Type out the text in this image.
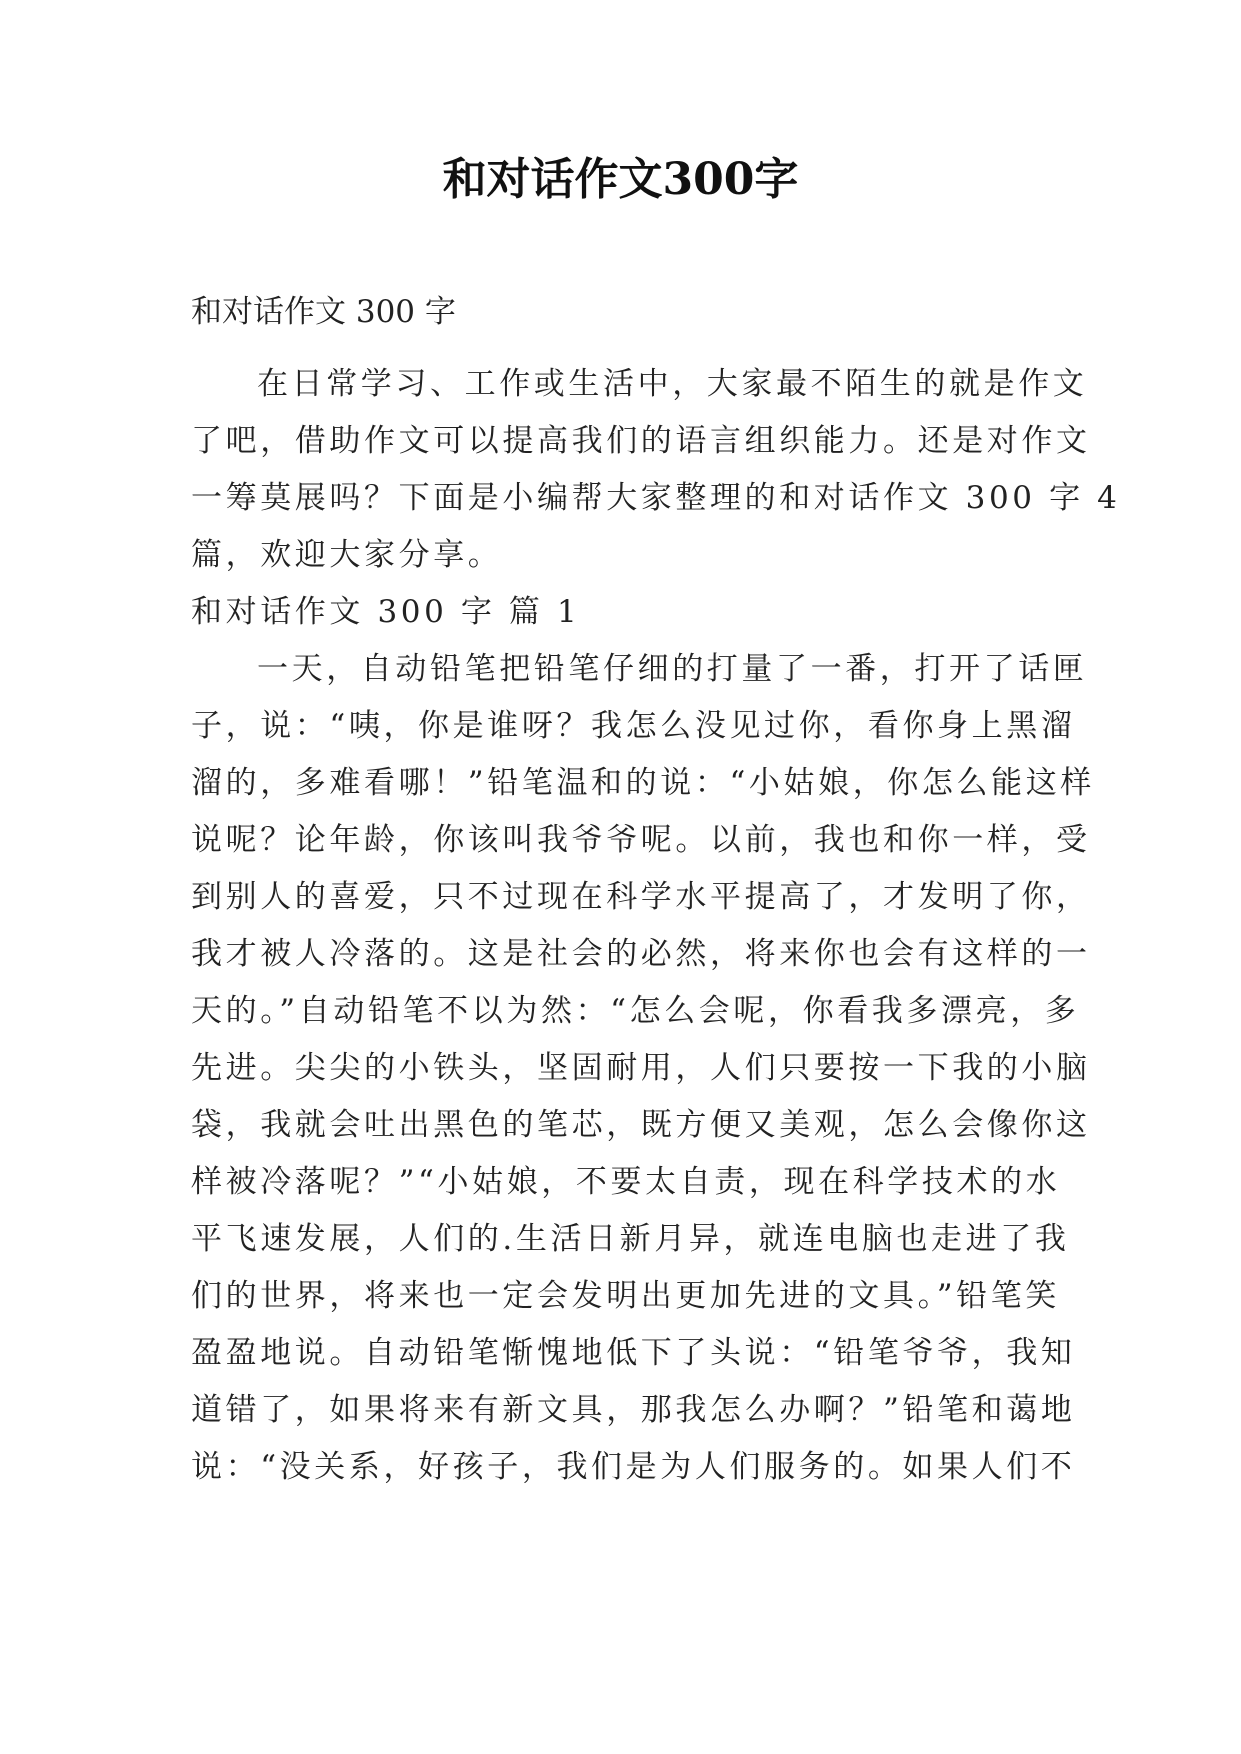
和对话作文300字

和对话作文 300 字

在日常学习、工作或生活中，大家最不陌生的就是作文
了吧，借助作文可以提高我们的语言组织能力。还是对作文
一筹莫展吗？下面是小编帮大家整理的和对话作文 300 字 4
篇，欢迎大家分享。
和对话作文 300 字 篇 1
一天，自动铅笔把铅笔仔细的打量了一番，打开了话匣
子，说：“咦，你是谁呀？我怎么没见过你，看你身上黑溜
溜的，多难看哪！”铅笔温和的说：“小姑娘，你怎么能这样
说呢？论年龄，你该叫我爷爷呢。以前，我也和你一样，受
到别人的喜爱，只不过现在科学水平提高了，才发明了你，
我才被人冷落的。这是社会的必然，将来你也会有这样的一
天的。”自动铅笔不以为然：“怎么会呢，你看我多漂亮，多
先进。尖尖的小铁头，坚固耐用，人们只要按一下我的小脑
袋，我就会吐出黑色的笔芯，既方便又美观，怎么会像你这
样被冷落呢？”“小姑娘，不要太自责，现在科学技术的水
平飞速发展，人们的.生活日新月异，就连电脑也走进了我
们的世界，将来也一定会发明出更加先进的文具。”铅笔笑
盈盈地说。自动铅笔惭愧地低下了头说：“铅笔爷爷，我知
道错了，如果将来有新文具，那我怎么办啊？”铅笔和蔼地
说：“没关系，好孩子，我们是为人们服务的。如果人们不
